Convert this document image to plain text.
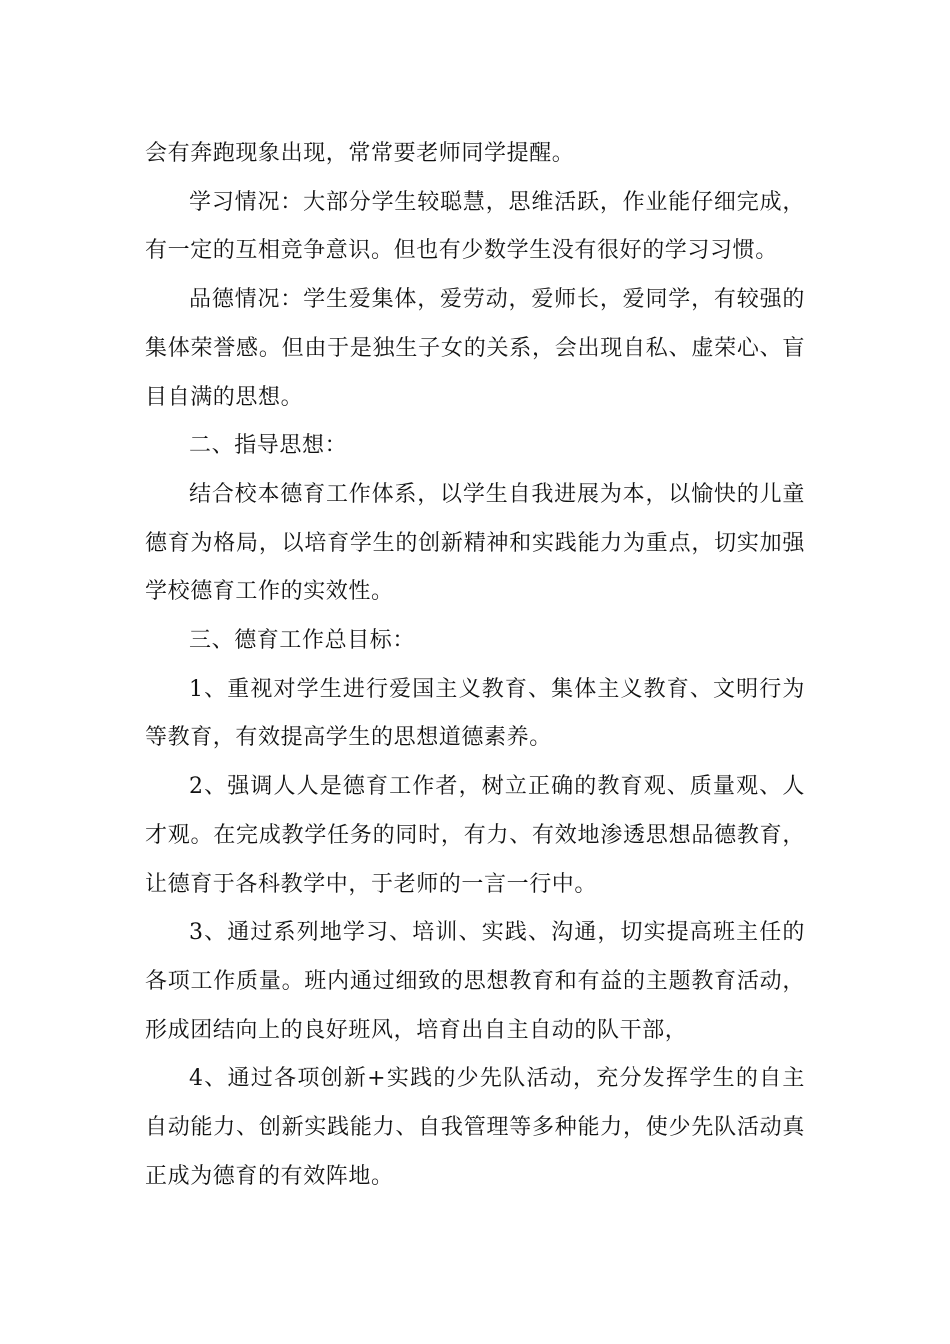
会有奔跑现象出现，常常要老师同学提醒。

学习情况：大部分学生较聪慧，思维活跃，作业能仔细完成，有一定的互相竞争意识。但也有少数学生没有很好的学习习惯。

品德情况：学生爱集体，爱劳动，爱师长，爱同学，有较强的集体荣誉感。但由于是独生子女的关系，会出现自私、虚荣心、盲目自满的思想。

二、指导思想：

结合校本德育工作体系，以学生自我进展为本，以愉快的儿童德育为格局，以培育学生的创新精神和实践能力为重点，切实加强学校德育工作的实效性。

三、德育工作总目标：

1、重视对学生进行爱国主义教育、集体主义教育、文明行为等教育，有效提高学生的思想道德素养。

2、强调人人是德育工作者，树立正确的教育观、质量观、人才观。在完成教学任务的同时，有力、有效地渗透思想品德教育，让德育于各科教学中，于老师的一言一行中。

3、通过系列地学习、培训、实践、沟通，切实提高班主任的各项工作质量。班内通过细致的思想教育和有益的主题教育活动，形成团结向上的良好班风，培育出自主自动的队干部，

4、通过各项创新+实践的少先队活动，充分发挥学生的自主自动能力、创新实践能力、自我管理等多种能力，使少先队活动真正成为德育的有效阵地。
